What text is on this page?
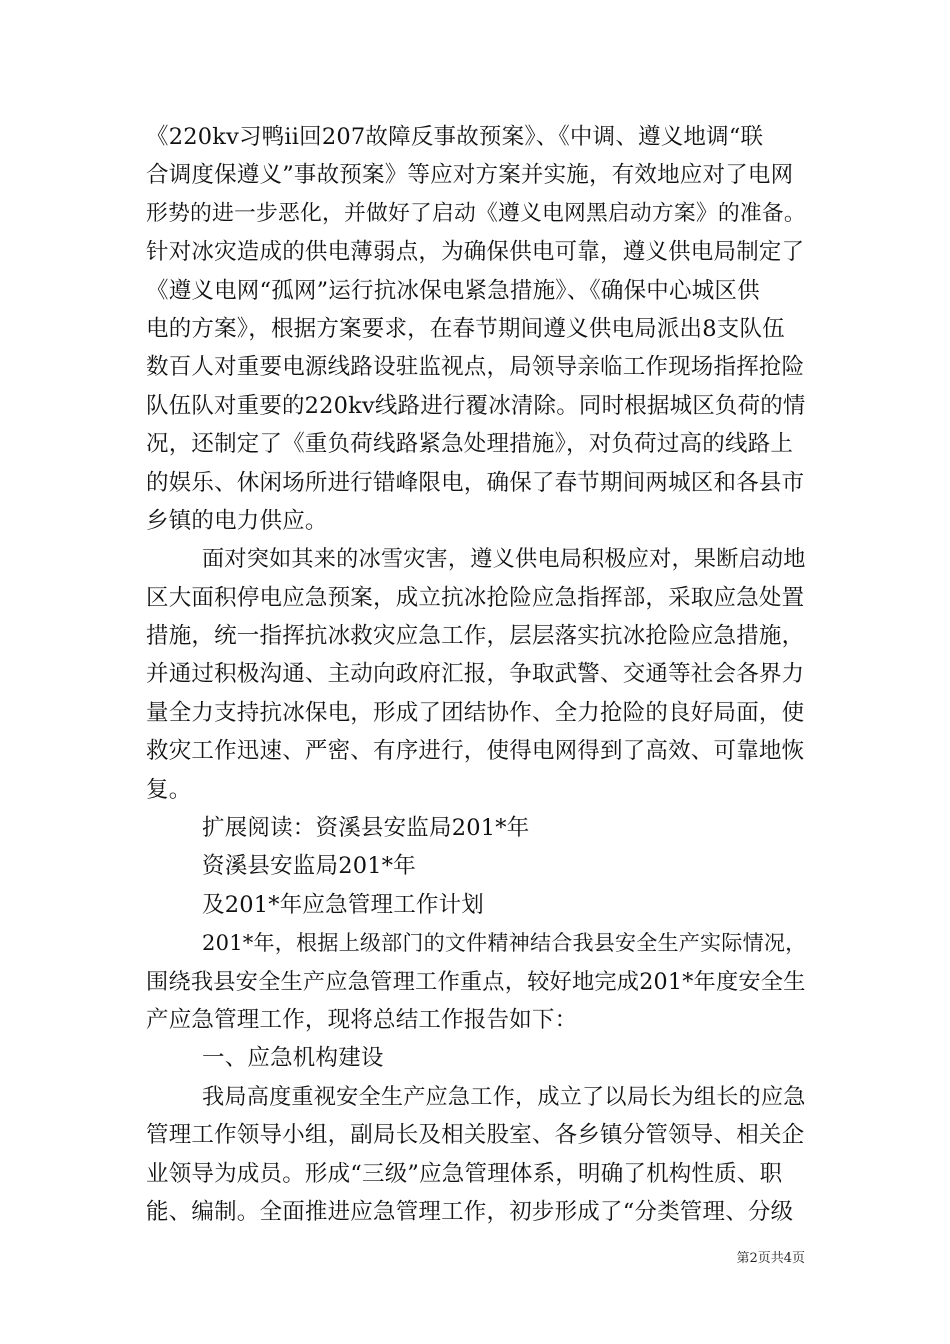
《220kv习鸭ii回207故障反事故预案》、《中调、遵义地调“联
合调度保遵义”事故预案》等应对方案并实施，有效地应对了电网
形势的进一步恶化，并做好了启动《遵义电网黑启动方案》的准备。
针对冰灾造成的供电薄弱点，为确保供电可靠，遵义供电局制定了
《遵义电网“孤网”运行抗冰保电紧急措施》、《确保中心城区供
电的方案》，根据方案要求，在春节期间遵义供电局派出8支队伍
数百人对重要电源线路设驻监视点，局领导亲临工作现场指挥抢险
队伍队对重要的220kv线路进行覆冰清除。同时根据城区负荷的情
况，还制定了《重负荷线路紧急处理措施》，对负荷过高的线路上
的娱乐、休闲场所进行错峰限电，确保了春节期间两城区和各县市
乡镇的电力供应。
面对突如其来的冰雪灾害，遵义供电局积极应对，果断启动地
区大面积停电应急预案，成立抗冰抢险应急指挥部，采取应急处置
措施，统一指挥抗冰救灾应急工作，层层落实抗冰抢险应急措施，
并通过积极沟通、主动向政府汇报，争取武警、交通等社会各界力
量全力支持抗冰保电，形成了团结协作、全力抢险的良好局面，使
救灾工作迅速、严密、有序进行，使得电网得到了高效、可靠地恢
复。
扩展阅读：资溪县安监局201*年
资溪县安监局201*年
及201*年应急管理工作计划
201*年，根据上级部门的文件精神结合我县安全生产实际情况，
围绕我县安全生产应急管理工作重点，较好地完成201*年度安全生
产应急管理工作，现将总结工作报告如下：
一、应急机构建设
我局高度重视安全生产应急工作，成立了以局长为组长的应急
管理工作领导小组，副局长及相关股室、各乡镇分管领导、相关企
业领导为成员。形成“三级”应急管理体系，明确了机构性质、职
能、编制。全面推进应急管理工作，初步形成了“分类管理、分级
第2页共4页
